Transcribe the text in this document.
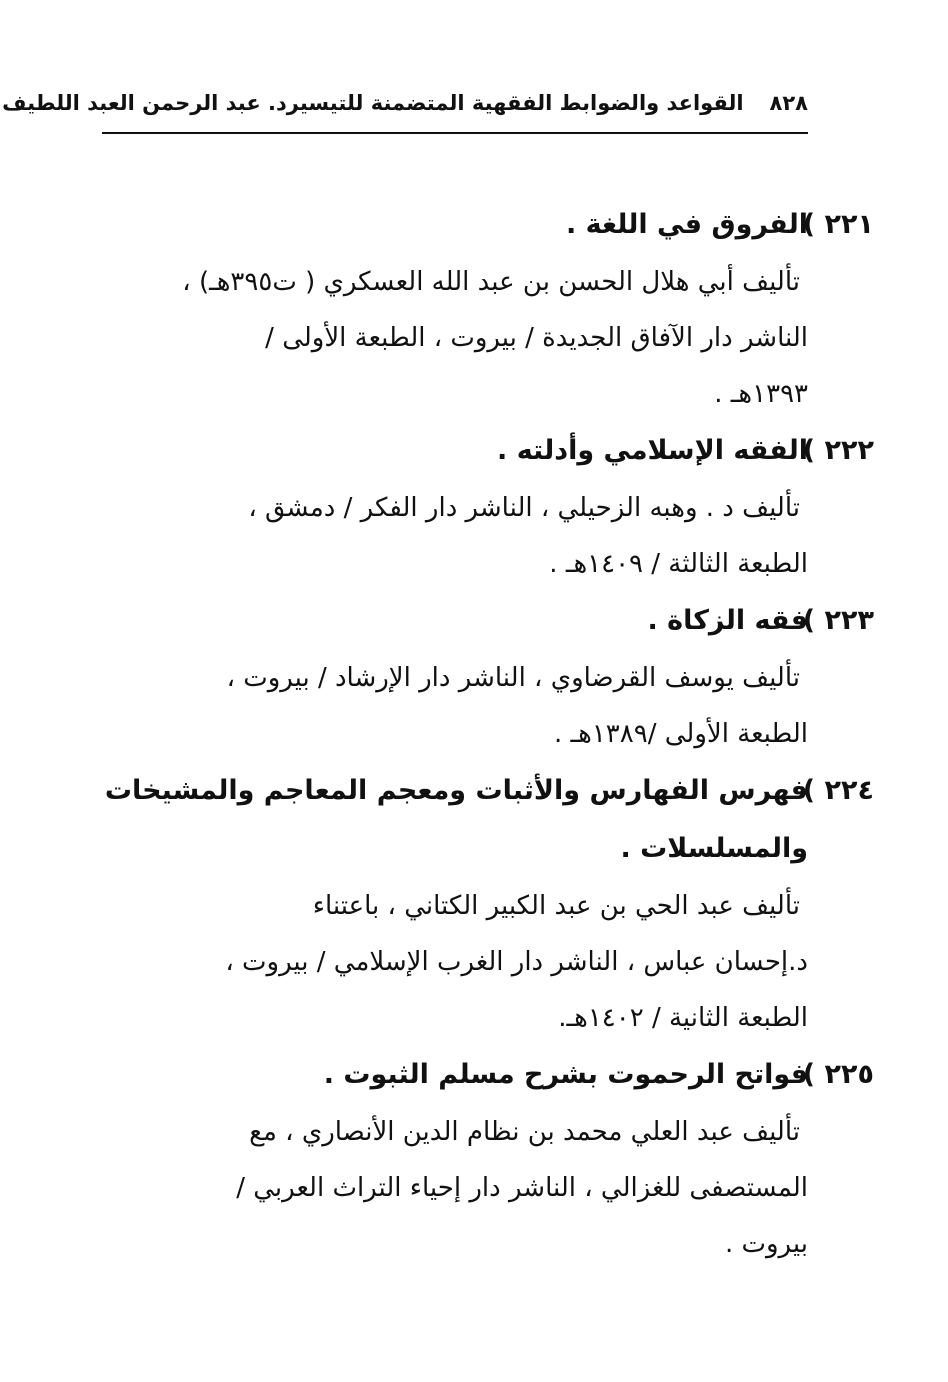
٨٢٨
القواعد والضوابط الفقهية المتضمنة للتيسير
د. عبد الرحمن العبد اللطيف
٢٢١ )
الفروق في اللغة .
تأليف أبي هلال الحسن بن عبد الله العسكري ( ت٣٩٥هـ) ،
الناشر دار الآفاق الجديدة / بيروت ، الطبعة الأولى /
١٣٩٣هـ .
٢٢٢ )
الفقه الإسلامي وأدلته .
تأليف د . وهبه الزحيلي ، الناشر دار الفكر / دمشق ،
الطبعة الثالثة / ١٤٠٩هـ .
٢٢٣ )
فقه الزكاة .
تأليف يوسف القرضاوي ، الناشر دار الإرشاد / بيروت ،
الطبعة الأولى /١٣٨٩هـ .
٢٢٤ )
فهرس الفهارس والأثبات ومعجم المعاجم والمشيخات
والمسلسلات .
تأليف عبد الحي بن عبد الكبير الكتاني ، باعتناء
د.إحسان عباس ، الناشر دار الغرب الإسلامي / بيروت ،
الطبعة الثانية / ١٤٠٢هـ.
٢٢٥ )
فواتح الرحموت بشرح مسلم الثبوت .
تأليف عبد العلي محمد بن نظام الدين الأنصاري ، مع
المستصفى للغزالي ، الناشر دار إحياء التراث العربي /
بيروت .
